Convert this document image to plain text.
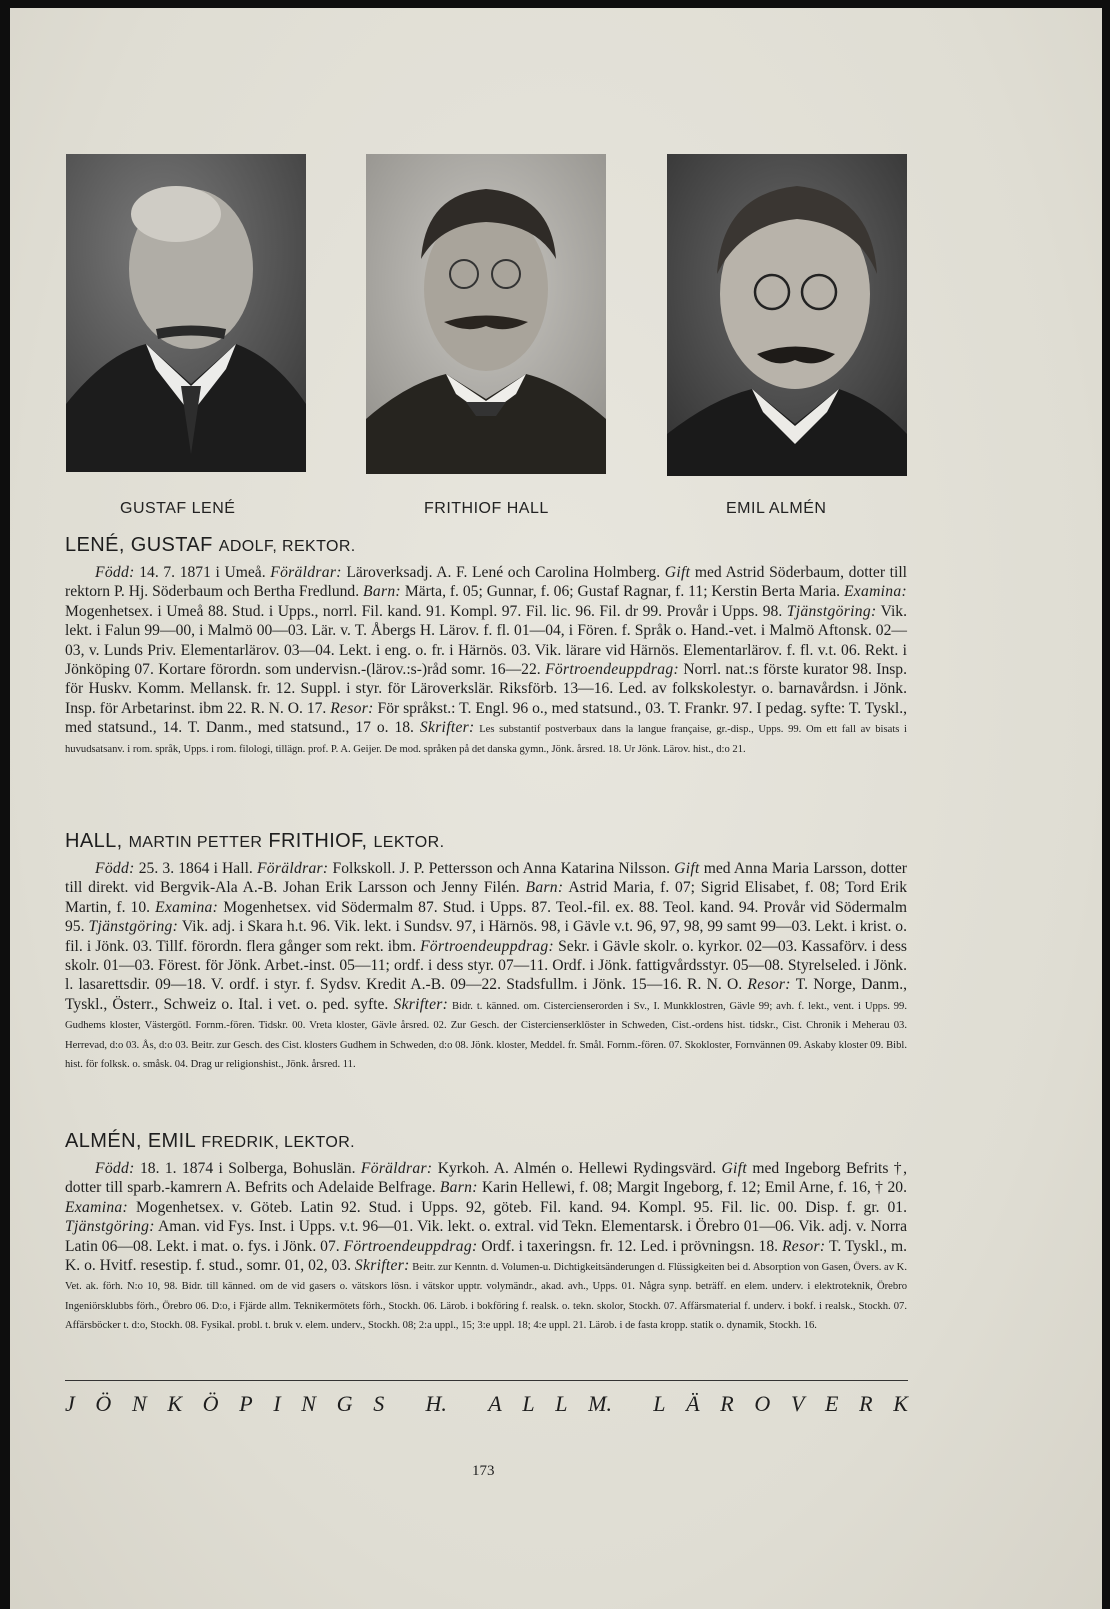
GUSTAF LENÉ	FRITHIOF HALL	EMIL ALMÉN
LENÉ, GUSTAF ADOLF, REKTOR.
Född: 14. 7. 1871 i Umeå. Föräldrar: Läroverksadj. A. F. Lené och Carolina Holmberg. Gift med Astrid Söderbaum, dotter till rektorn P. Hj. Söderbaum och Bertha Fredlund. Barn: Märta, f. 05; Gunnar, f. 06; Gustaf Ragnar, f. 11; Kerstin Berta Maria. Examina: Mogenhetsex. i Umeå 88. Stud. i Upps., norrl. Fil. kand. 91. Kompl. 97. Fil. lic. 96. Fil. dr 99. Provår i Upps. 98. Tjänstgöring: Vik. lekt. i Falun 99—00, i Malmö 00—03. Lär. v. T. Åbergs H. Lärov. f. fl. 01—04, i Fören. f. Språk o. Hand.-vet. i Malmö Aftonsk. 02—03, v. Lunds Priv. Elementarlärov. 03—04. Lekt. i eng. o. fr. i Härnös. 03. Vik. lärare vid Härnös. Elementarlärov. f. fl. v.t. 06. Rekt. i Jönköping 07. Kortare förordn. som undervisn.-(lärov.:s-)råd somr. 16—22. Förtroendeuppdrag: Norrl. nat.:s förste kurator 98. Insp. för Huskv. Komm. Mellansk. fr. 12. Suppl. i styr. för Läroverkslär. Riksförb. 13—16. Led. av folkskolestyr. o. barnavårdsn. i Jönk. Insp. för Arbetarinst. ibm 22. R. N. O. 17. Resor: För språkst.: T. Engl. 96 o., med statsund., 03. T. Frankr. 97. I pedag. syfte: T. Tyskl., med statsund., 14. T. Danm., med statsund., 17 o. 18. Skrifter: Les substantif postverbaux dans la langue française, gr.-disp., Upps. 99. Om ett fall av bisats i huvudsatsanv. i rom. språk, Upps. i rom. filologi, tillägn. prof. P. A. Geijer. De mod. språken på det danska gymn., Jönk. årsred. 18. Ur Jönk. Lärov. hist., d:o 21.
HALL, MARTIN PETTER FRITHIOF, LEKTOR.
Född: 25. 3. 1864 i Hall. Föräldrar: Folkskoll. J. P. Pettersson och Anna Katarina Nilsson. Gift med Anna Maria Larsson, dotter till direkt. vid Bergvik-Ala A.-B. Johan Erik Larsson och Jenny Filén. Barn: Astrid Maria, f. 07; Sigrid Elisabet, f. 08; Tord Erik Martin, f. 10. Examina: Mogenhetsex. vid Södermalm 87. Stud. i Upps. 87. Teol.-fil. ex. 88. Teol. kand. 94. Provår vid Södermalm 95. Tjänstgöring: Vik. adj. i Skara h.t. 96. Vik. lekt. i Sundsv. 97, i Härnös. 98, i Gävle v.t. 96, 97, 98, 99 samt 99—03. Lekt. i krist. o. fil. i Jönk. 03. Tillf. förordn. flera gånger som rekt. ibm. Förtroendeuppdrag: Sekr. i Gävle skolr. o. kyrkor. 02—03. Kassaförv. i dess skolr. 01—03. Förest. för Jönk. Arbet.-inst. 05—11; ordf. i dess styr. 07—11. Ordf. i Jönk. fattigvårdsstyr. 05—08. Styrelseled. i Jönk. l. lasarettsdir. 09—18. V. ordf. i styr. f. Sydsv. Kredit A.-B. 09—22. Stadsfullm. i Jönk. 15—16. R. N. O. Resor: T. Norge, Danm., Tyskl., Österr., Schweiz o. Ital. i vet. o. ped. syfte. Skrifter: Bidr. t. känned. om. Cistercienserorden i Sv., I. Munkklostren, Gävle 99; avh. f. lekt., vent. i Upps. 99. Gudhems kloster, Västergötl. Fornm.-fören. Tidskr. 00. Vreta kloster, Gävle årsred. 02. Zur Gesch. der Cistercienserklöster in Schweden, Cist.-ordens hist. tidskr., Cist. Chronik i Meherau 03. Herrevad, d:o 03. Ås, d:o 03. Beitr. zur Gesch. des Cist. klosters Gudhem in Schweden, d:o 08. Jönk. kloster, Meddel. fr. Smål. Fornm.-fören. 07. Skokloster, Fornvännen 09. Askaby kloster 09. Bibl. hist. för folksk. o. småsk. 04. Drag ur religionshist., Jönk. årsred. 11.
ALMÉN, EMIL FREDRIK, LEKTOR.
Född: 18. 1. 1874 i Solberga, Bohuslän. Föräldrar: Kyrkoh. A. Almén o. Hellewi Rydingsvärd. Gift med Ingeborg Befrits †, dotter till sparb.-kamrern A. Befrits och Adelaide Belfrage. Barn: Karin Hellewi, f. 08; Margit Ingeborg, f. 12; Emil Arne, f. 16, † 20. Examina: Mogenhetsex. v. Göteb. Latin 92. Stud. i Upps. 92, göteb. Fil. kand. 94. Kompl. 95. Fil. lic. 00. Disp. f. gr. 01. Tjänstgöring: Aman. vid Fys. Inst. i Upps. v.t. 96—01. Vik. lekt. o. extral. vid Tekn. Elementarsk. i Örebro 01—06. Vik. adj. v. Norra Latin 06—08. Lekt. i mat. o. fys. i Jönk. 07. Förtroendeuppdrag: Ordf. i taxeringsn. fr. 12. Led. i prövningsn. 18. Resor: T. Tyskl., m. K. o. Hvitf. resestip. f. stud., somr. 01, 02, 03. Skrifter: Beitr. zur Kenntn. d. Volumen-u. Dichtigkeitsänderungen d. Flüssigkeiten bei d. Absorption von Gasen, Övers. av K. Vet. ak. förh. N:o 10, 98. Bidr. till känned. om de vid gasers o. vätskors lösn. i vätskor upptr. volymändr., akad. avh., Upps. 01. Några synp. beträff. en elem. underv. i elektroteknik, Örebro Ingeniörsklubbs förh., Örebro 06. D:o, i Fjärde allm. Teknikermötets förh., Stockh. 06. Lärob. i bokföring f. realsk. o. tekn. skolor, Stockh. 07. Affärsmaterial f. underv. i bokf. i realsk., Stockh. 07. Affärsböcker t. d:o, Stockh. 08. Fysikal. probl. t. bruk v. elem. underv., Stockh. 08; 2:a uppl., 15; 3:e uppl. 18; 4:e uppl. 21. Lärob. i de fasta kropp. statik o. dynamik, Stockh. 16.
J Ö N K Ö P I N G S H. A L L M. L Ä R O V E R K
173
